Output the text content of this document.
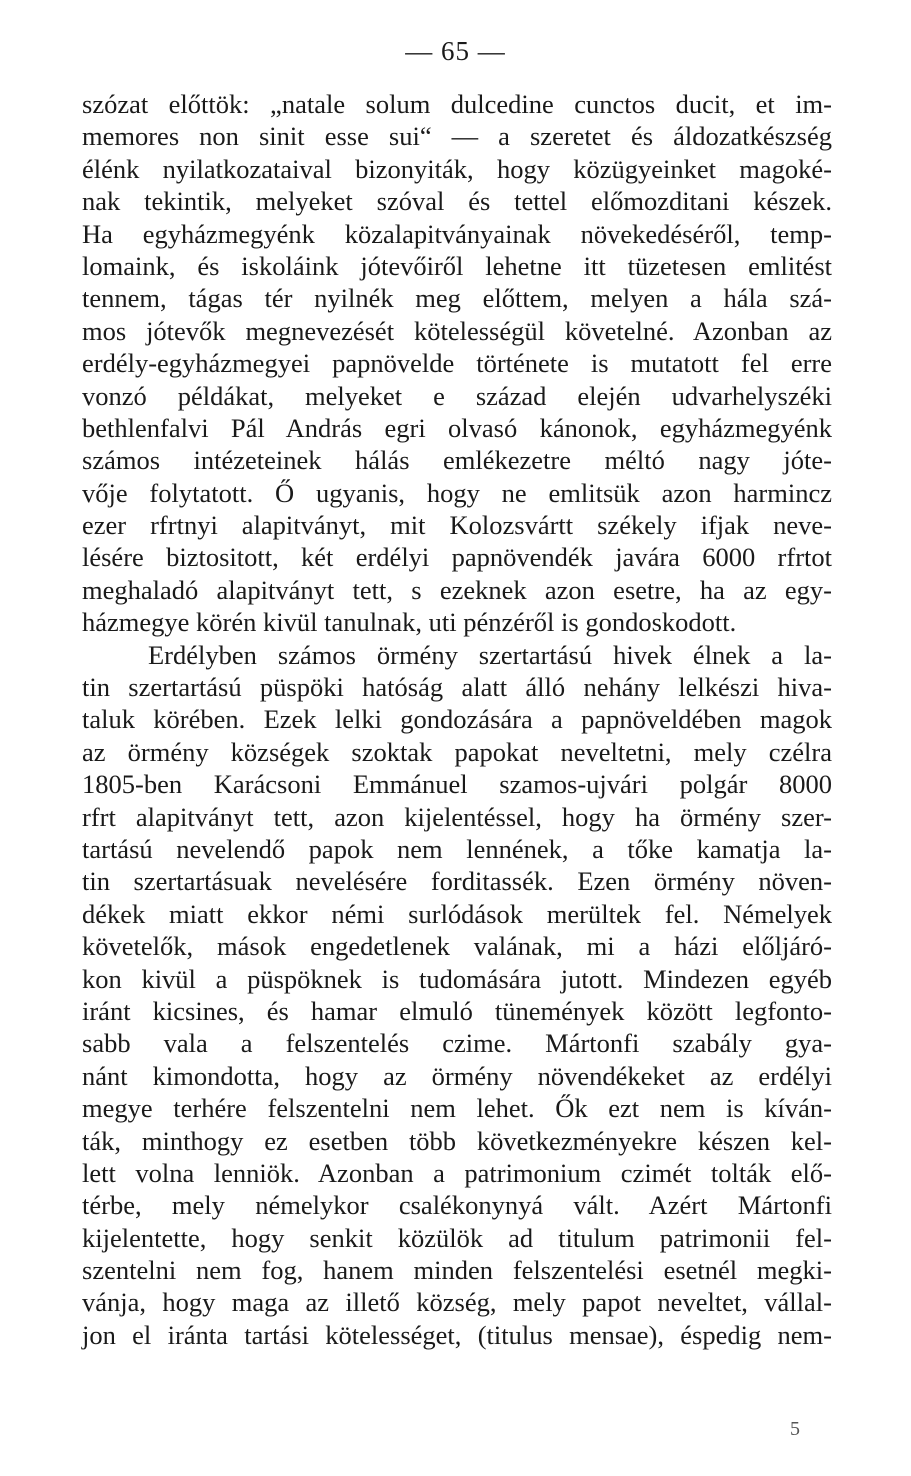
— 65 —
szózat előttök: „natale solum dulcedine cunctos ducit, et im-
memores non sinit esse sui“ — a szeretet és áldozatkészség
élénk nyilatkozataival bizonyiták, hogy közügyeinket magoké-
nak tekintik, melyeket szóval és tettel előmozditani készek.
Ha egyházmegyénk közalapitványainak növekedéséről, temp-
lomaink, és iskoláink jótevőiről lehetne itt tüzetesen emlitést
tennem, tágas tér nyilnék meg előttem, melyen a hála szá-
mos jótevők megnevezését kötelességül követelné. Azonban az
erdély-egyházmegyei papnövelde története is mutatott fel erre
vonzó példákat, melyeket e század elején udvarhelyszéki
bethlenfalvi Pál András egri olvasó kánonok, egyházmegyénk
számos intézeteinek hálás emlékezetre méltó nagy jóte-
vője folytatott. Ő ugyanis, hogy ne emlitsük azon harmincz
ezer rfrtnyi alapitványt, mit Kolozsvártt székely ifjak neve-
lésére biztositott, két erdélyi papnövendék javára 6000 rfrtot
meghaladó alapitványt tett, s ezeknek azon esetre, ha az egy-
házmegye körén kivül tanulnak, uti pénzéről is gondoskodott.
Erdélyben számos örmény szertartású hivek élnek a la-
tin szertartású püspöki hatóság alatt álló nehány lelkészi hiva-
taluk körében. Ezek lelki gondozására a papnöveldében magok
az örmény községek szoktak papokat neveltetni, mely czélra
1805-ben Karácsoni Emmánuel szamos-ujvári polgár 8000
rfrt alapitványt tett, azon kijelentéssel, hogy ha örmény szer-
tartású nevelendő papok nem lennének, a tőke kamatja la-
tin szertartásuak nevelésére forditassék. Ezen örmény növen-
dékek miatt ekkor némi surlódások merültek fel. Némelyek
követelők, mások engedetlenek valának, mi a házi előljáró-
kon kivül a püspöknek is tudomására jutott. Mindezen egyéb
iránt kicsines, és hamar elmuló tünemények között legfonto-
sabb vala a felszentelés czime. Mártonfi szabály gya-
nánt kimondotta, hogy az örmény növendékeket az erdélyi
megye terhére felszentelni nem lehet. Ők ezt nem is kíván-
ták, minthogy ez esetben több következményekre készen kel-
lett volna lenniök. Azonban a patrimonium czimét tolták elő-
térbe, mely némelykor csalékonynyá vált. Azért Mártonfi
kijelentette, hogy senkit közülök ad titulum patrimonii fel-
szentelni nem fog, hanem minden felszentelési esetnél megki-
vánja, hogy maga az illető község, mely papot neveltet, vállal-
jon el iránta tartási kötelességet, (titulus mensae), éspedig nem-
5
